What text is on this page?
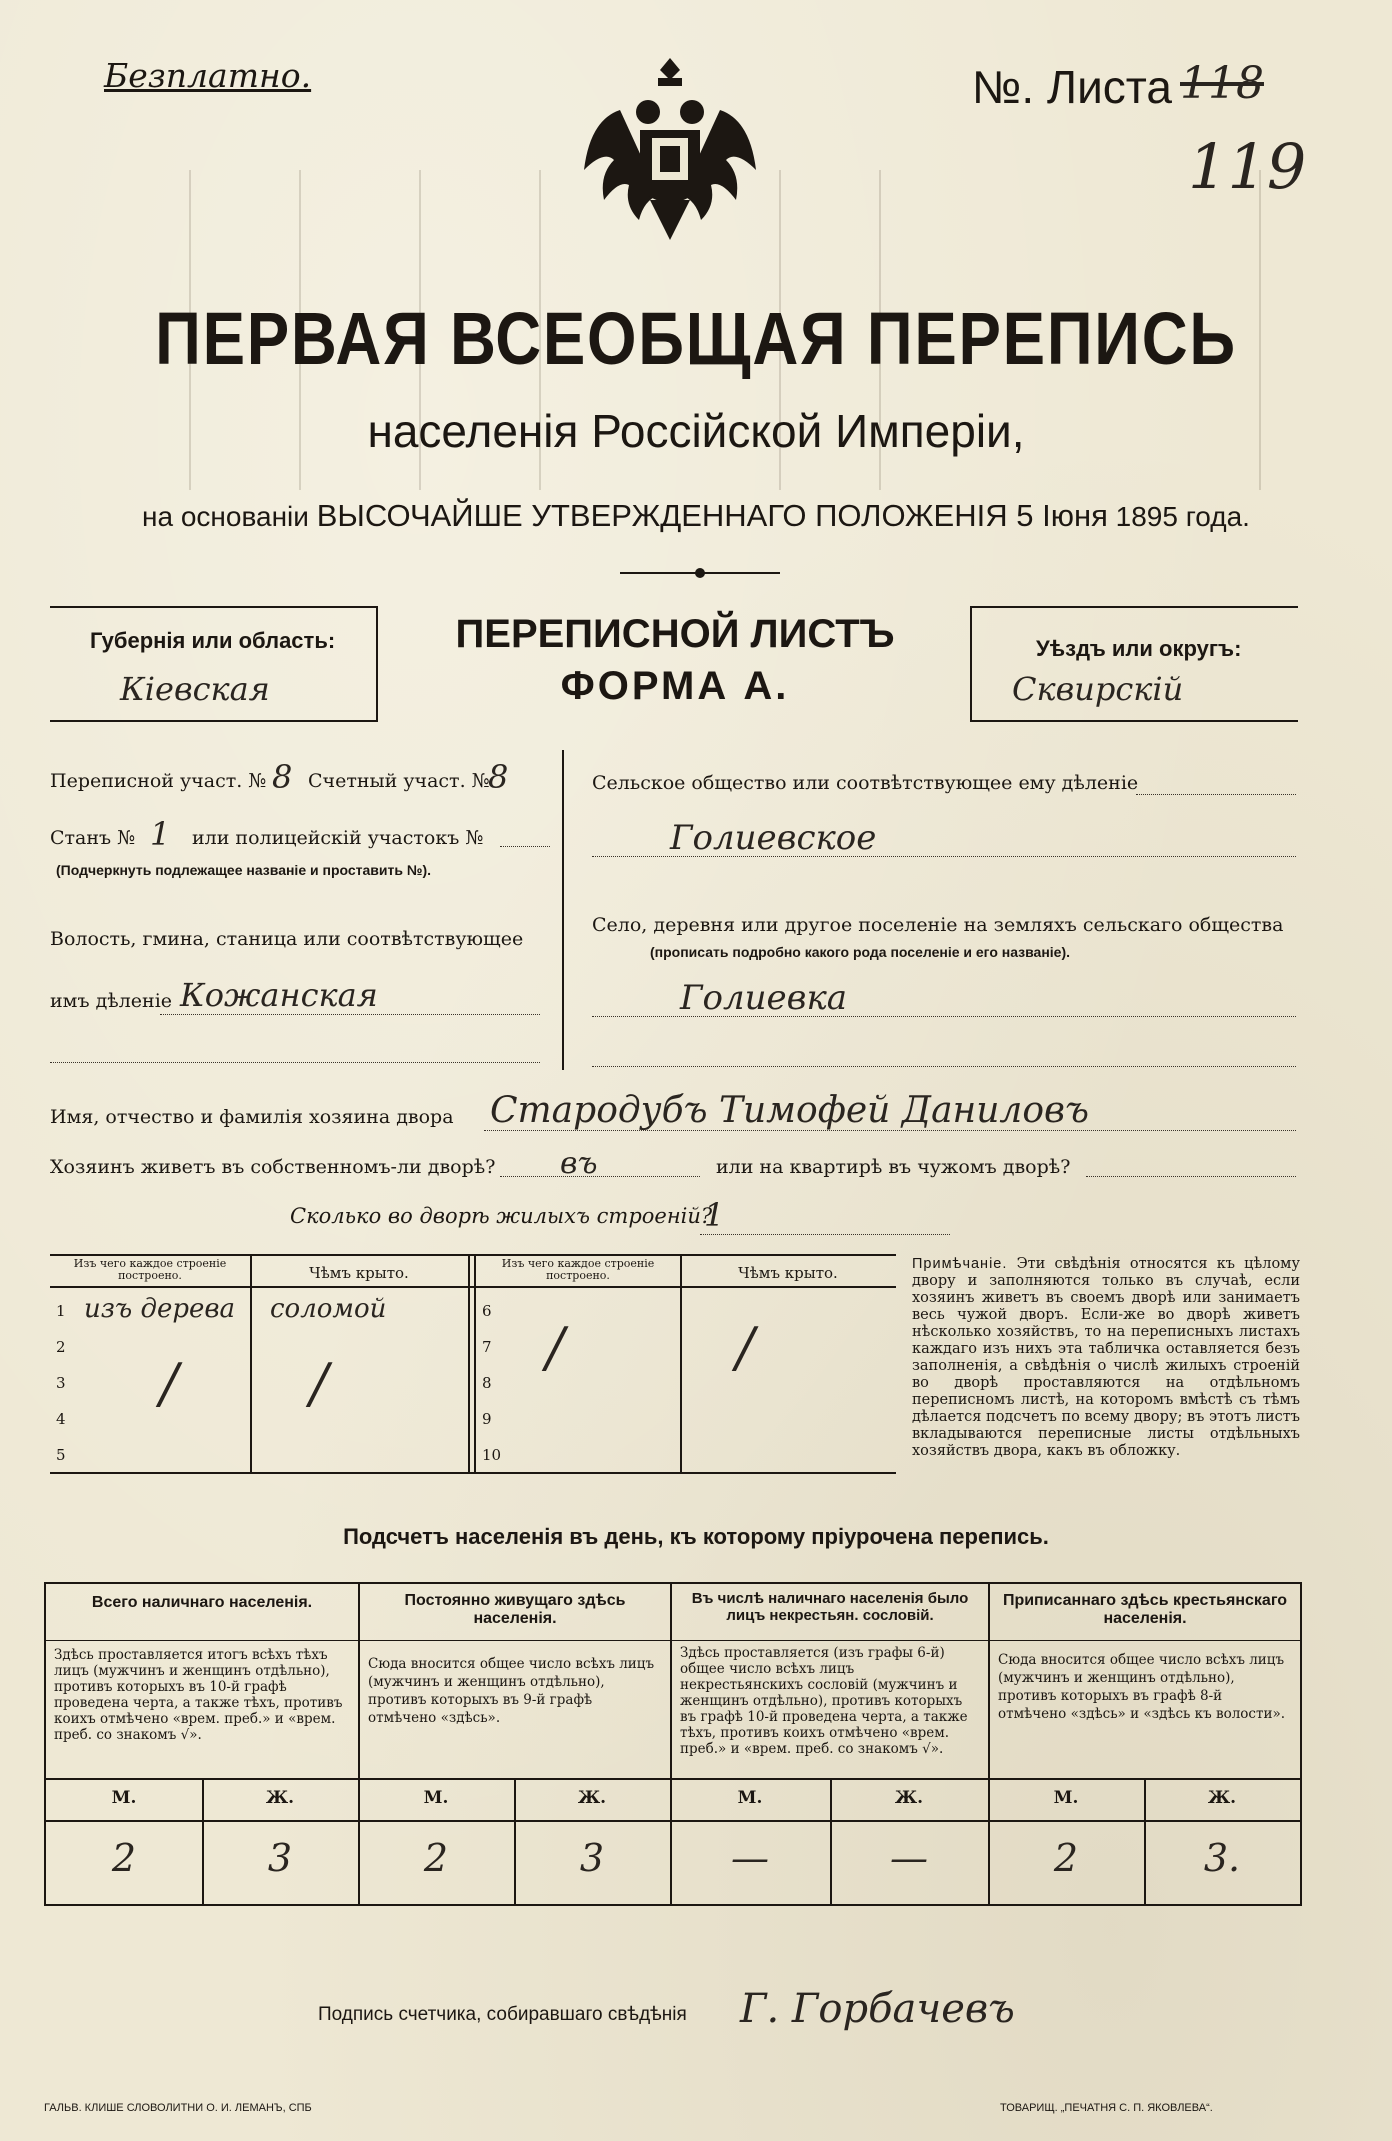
Безплатно.	№. Листа 118
119
ПЕРВАЯ ВСЕОБЩАЯ ПЕРЕПИСЬ
населенія Россійской Имперіи,
на основаніи ВЫСОЧАЙШЕ УТВЕРЖДЕННАГО ПОЛОЖЕНІЯ 5 Іюня 1895 года.
Губернія или область:
Кіевская
ПЕРЕПИСНОЙ ЛИСТЪ
ФОРМА А.
Уѣздъ или округъ:
Сквирскій
Переписной участ. № 8 Счетный участ. №
8
Станъ № 1 или полицейскій участокъ №
(Подчеркнуть подлежащее названіе и проставить №).
Волость, гмина, станица или соотвѣтствующее
имъ дѣленіе Кожанская
Сельское общество или соотвѣтствующее ему дѣленіе
Голиевское
Село, деревня или другое поселеніе на земляхъ сельскаго общества
(прописать подробно какого рода поселеніе и его названіе).
Голиевка
Имя, отчество и фамилія хозяина двора Стародубъ Тимофей Даниловъ
Хозяинъ живетъ въ собственномъ-ли дворѣ? въ	или на квартирѣ въ чужомъ дворѣ?
Сколько во дворѣ жилыхъ строеній?
1
Изъ чего каждое строеніе построено.	Чѣмъ крыто.
Изъ чего каждое строеніе построено.	Чѣмъ крыто.
1 изъ дерева соломой
2
3 / /
4
5
6
7 /	/
8
9
10
Примѣчаніе. Эти свѣдѣнія относятся къ цѣлому двору и заполняются только въ случаѣ, если хозяинъ живетъ въ своемъ дворѣ или занимаетъ весь чужой дворъ. Если-же во дворѣ живетъ нѣсколько хозяйствъ, то на переписныхъ листахъ каждаго изъ нихъ эта табличка оставляется безъ заполненія, а свѣдѣнія о числѣ жилыхъ строеній во дворѣ проставляются на отдѣльномъ переписномъ листѣ, на которомъ вмѣстѣ съ тѣмъ дѣлается подсчетъ по всему двору; въ этотъ листъ вкладываются переписные листы отдѣльныхъ хозяйствъ двора, какъ въ обложку.
Подсчетъ населенія въ день, къ которому пріурочена перепись.
Всего наличнаго населенія.
Здѣсь проставляется итогъ всѣхъ тѣхъ лицъ (мужчинъ и женщинъ отдѣльно), противъ которыхъ въ 10-й графѣ проведена черта, а также тѣхъ, противъ коихъ отмѣчено «врем. преб.» и «врем. преб. со знакомъ √».
Постоянно живущаго здѣсь населенія.
Сюда вносится общее число всѣхъ лицъ (мужчинъ и женщинъ отдѣльно), противъ которыхъ въ 9-й графѣ отмѣчено «здѣсь».
Въ числѣ наличнаго населенія было лицъ некрестьян. сословій.
Здѣсь проставляется (изъ графы 6-й) общее число всѣхъ лицъ некрестьянскихъ сословій (мужчинъ и женщинъ отдѣльно), противъ которыхъ въ графѣ 10-й проведена черта, а также тѣхъ, противъ коихъ отмѣчено «врем. преб.» и «врем. преб. со знакомъ √».
Приписаннаго здѣсь крестьянскаго населенія.
Сюда вносится общее число всѣхъ лицъ (мужчинъ и женщинъ отдѣльно), противъ которыхъ въ графѣ 8-й отмѣчено «здѣсь» и «здѣсь къ волости».
М.	Ж.	М.	Ж.	М.	Ж.	М.	Ж.
2	3	2	3	—	—	2	3.
Подпись счетчика, собиравшаго свѣдѣнія Г. Горбачевъ
ГАЛЬВ. КЛИШЕ СЛОВОЛИТНИ О. И. ЛЕМАНЪ, СПБ	ТОВАРИЩ. „ПЕЧАТНЯ С. П. ЯКОВЛЕВА“.
